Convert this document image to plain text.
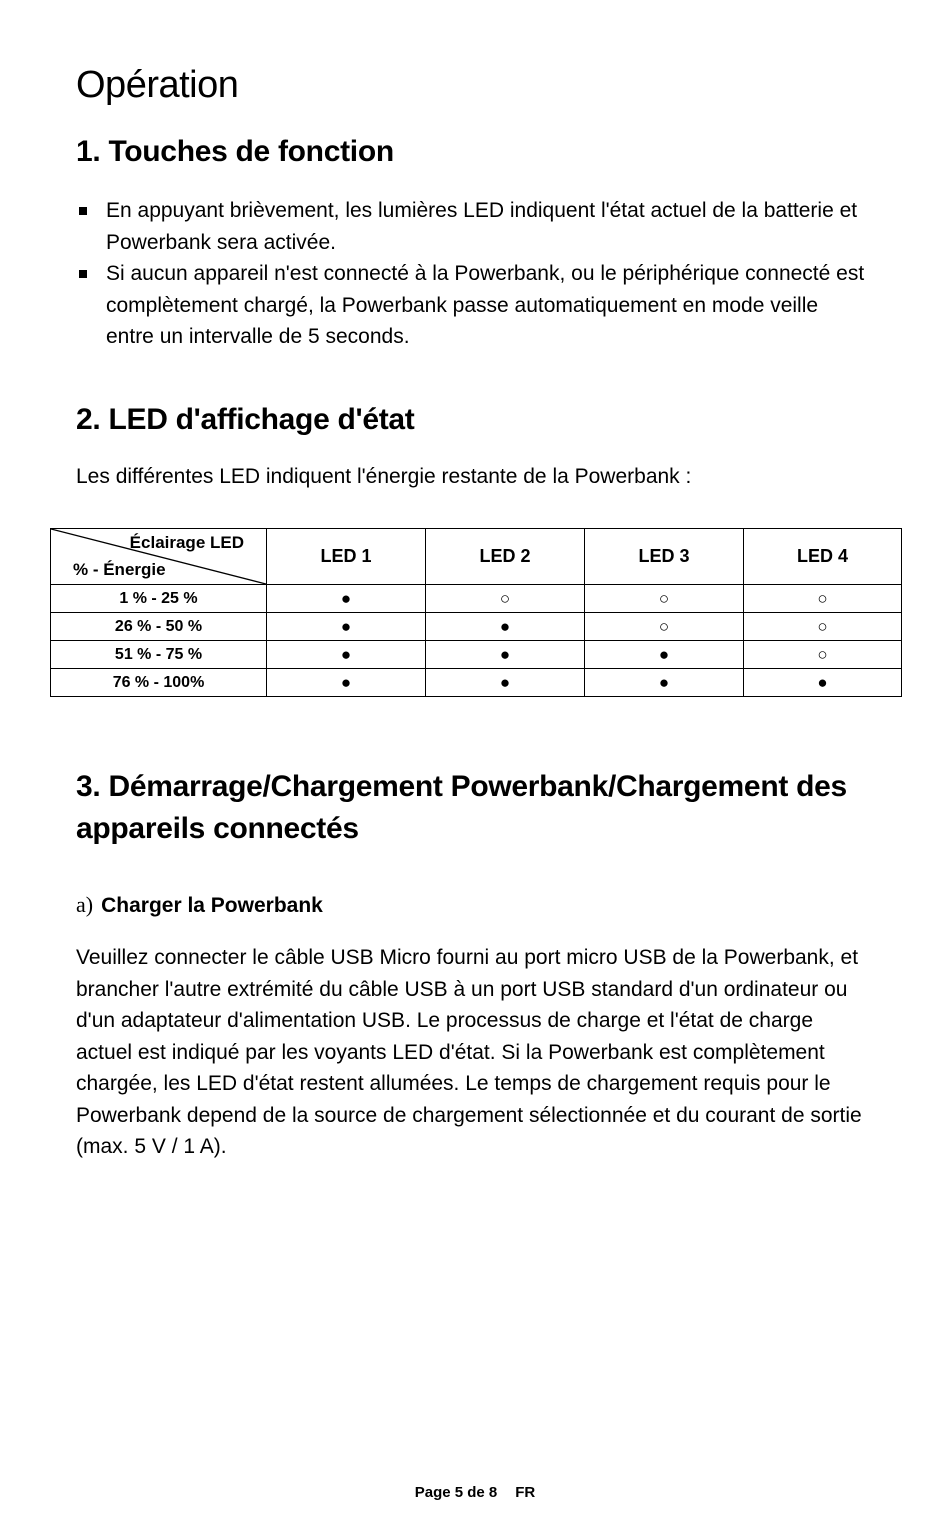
Opération
1. Touches de fonction
En appuyant brièvement, les lumières LED indiquent l'état actuel de la batterie et Powerbank sera activée.
Si aucun appareil n'est connecté à la Powerbank, ou le périphérique connecté est complètement chargé, la Powerbank passe automatiquement en mode veille entre un intervalle de 5 seconds.
2. LED d'affichage d'état

Les différentes LED indiquent l'énergie restante de la Powerbank :

Éclairage LED
% - Énergie	LED 1	LED 2	LED 3	LED 4
1 % - 25 %	●	○	○	○
26 % - 50 %	●	●	○	○
51 % - 75 %	●	●	●	○
76 % - 100%	●	●	●	●
3. Démarrage/Chargement Powerbank/Chargement des appareils connectés
a) Charger la Powerbank

Veuillez connecter le câble USB Micro fourni au port micro USB de la Powerbank, et brancher l'autre extrémité du câble USB à un port USB standard d'un ordinateur ou d'un adaptateur d'alimentation USB. Le processus de charge et l'état de charge actuel est indiqué par les voyants LED d'état. Si la Powerbank est complètement chargée, les LED d'état restent allumées. Le temps de chargement requis pour le Powerbank depend de la source de chargement sélectionnée et du courant de sortie (max. 5 V / 1 A).

Page 5 de 8 FR
